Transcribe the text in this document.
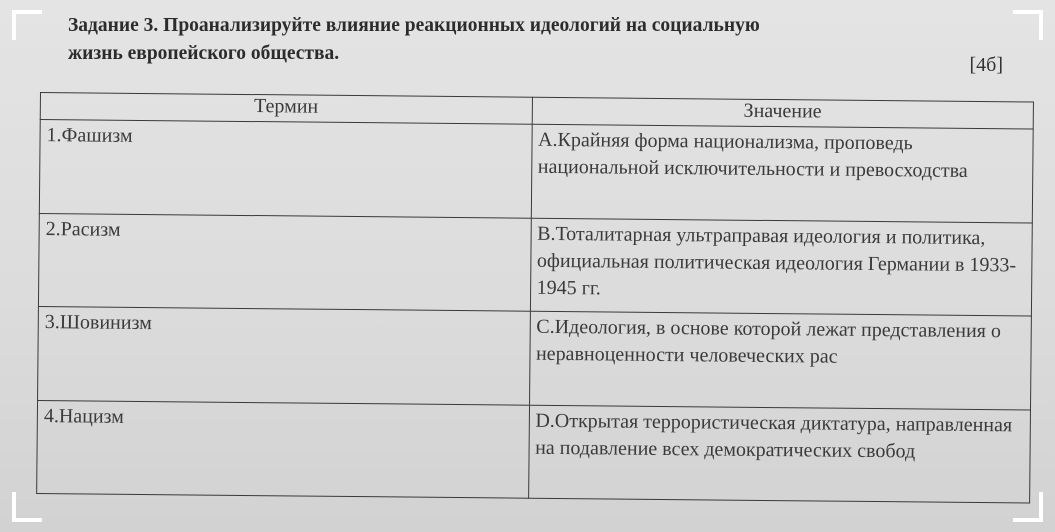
Задание 3. Проанализируйте влияние реакционных идеологий на социальную
жизнь европейского общества.
[4б]
Термин	Значение
1.Фашизм	А.Крайняя форма национализма, проповедь национальной исключительности и превосходства
2.Расизм	В.Тоталитарная ультраправая идеология и политика, официальная политическая идеология Германии в 1933-1945 гг.
3.Шовинизм	С.Идеология, в основе которой лежат представления о неравноценности человеческих рас
4.Нацизм	D.Открытая террористическая диктатура, направленная на подавление всех демократических свобод
